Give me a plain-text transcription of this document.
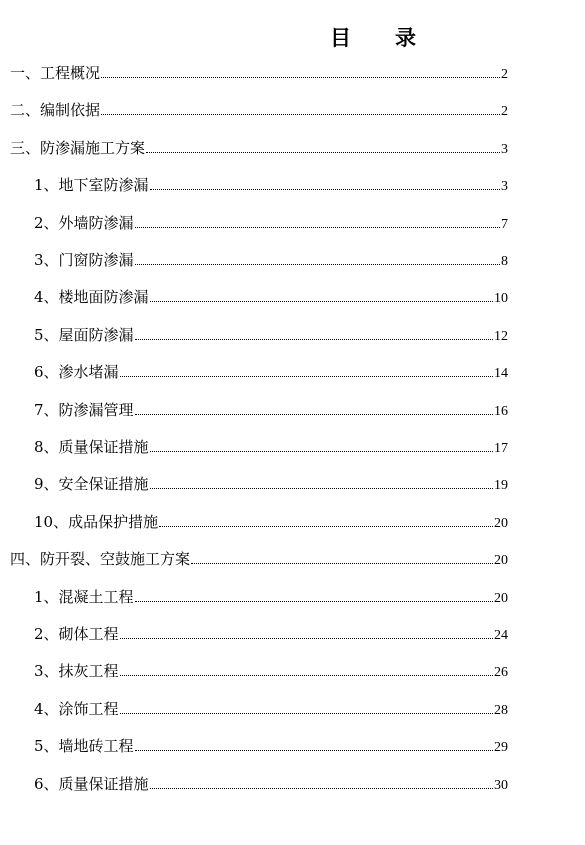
目 录
一、工程概况	2
二、编制依据	2
三、防渗漏施工方案	3
1、地下室防渗漏	3
2、外墙防渗漏	7
3、门窗防渗漏	8
4、楼地面防渗漏	10
5、屋面防渗漏	12
6、渗水堵漏	14
7、防渗漏管理	16
8、质量保证措施	17
9、安全保证措施	19
10、成品保护措施	20
四、防开裂、空鼓施工方案	20
1、混凝土工程	20
2、砌体工程	24
3、抹灰工程	26
4、涂饰工程	28
5、墙地砖工程	29
6、质量保证措施	30
